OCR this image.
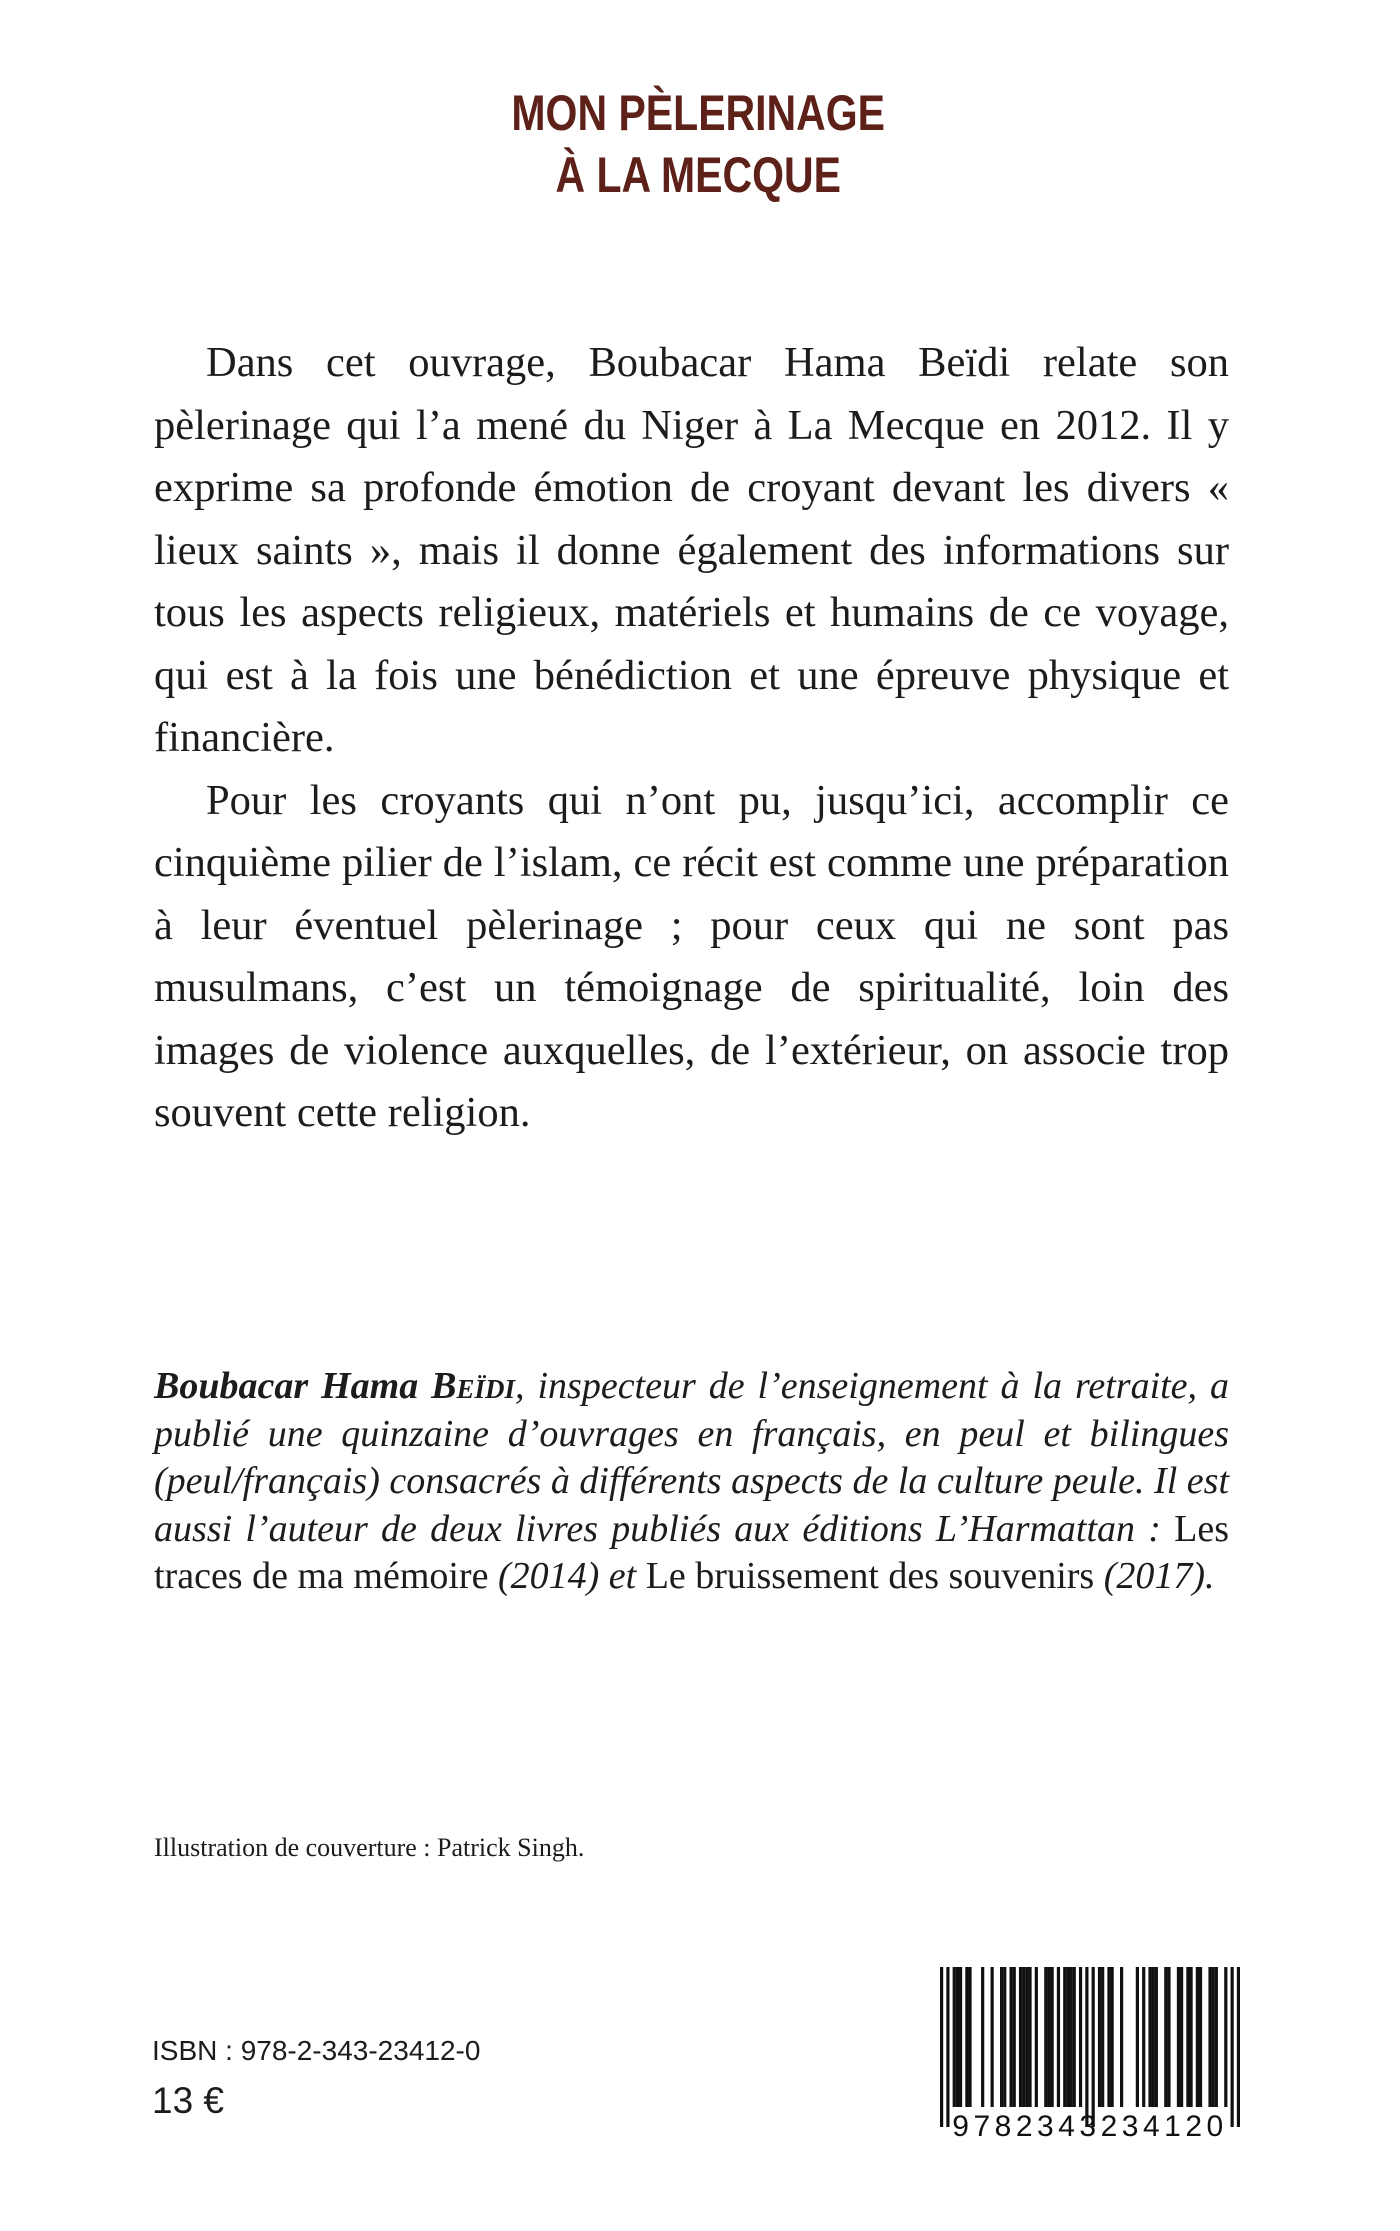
MON PÈLERINAGE
À LA MECQUE

Dans cet ouvrage, Boubacar Hama Beïdi relate son pèlerinage qui l’a mené du Niger à La Mecque en 2012. Il y exprime sa profonde émotion de croyant devant les divers « lieux saints », mais il donne également des informations sur tous les aspects religieux, matériels et humains de ce voyage, qui est à la fois une bénédiction et une épreuve physique et financière.

Pour les croyants qui n’ont pu, jusqu’ici, accomplir ce cinquième pilier de l’islam, ce récit est comme une préparation à leur éventuel pèlerinage ; pour ceux qui ne sont pas musulmans, c’est un témoignage de spiritualité, loin des images de violence auxquelles, de l’extérieur, on associe trop souvent cette religion.

Boubacar Hama Beïdi, inspecteur de l’enseignement à la retraite, a publié une quinzaine d’ouvrages en français, en peul et bilingues (peul/français) consacrés à différents aspects de la culture peule. Il est aussi l’auteur de deux livres publiés aux éditions L’Harmattan : Les traces de ma mémoire (2014) et Le bruissement des souvenirs (2017).

Illustration de couverture : Patrick Singh.
ISBN : 978-2-343-23412-0
13 €
9782343234120
